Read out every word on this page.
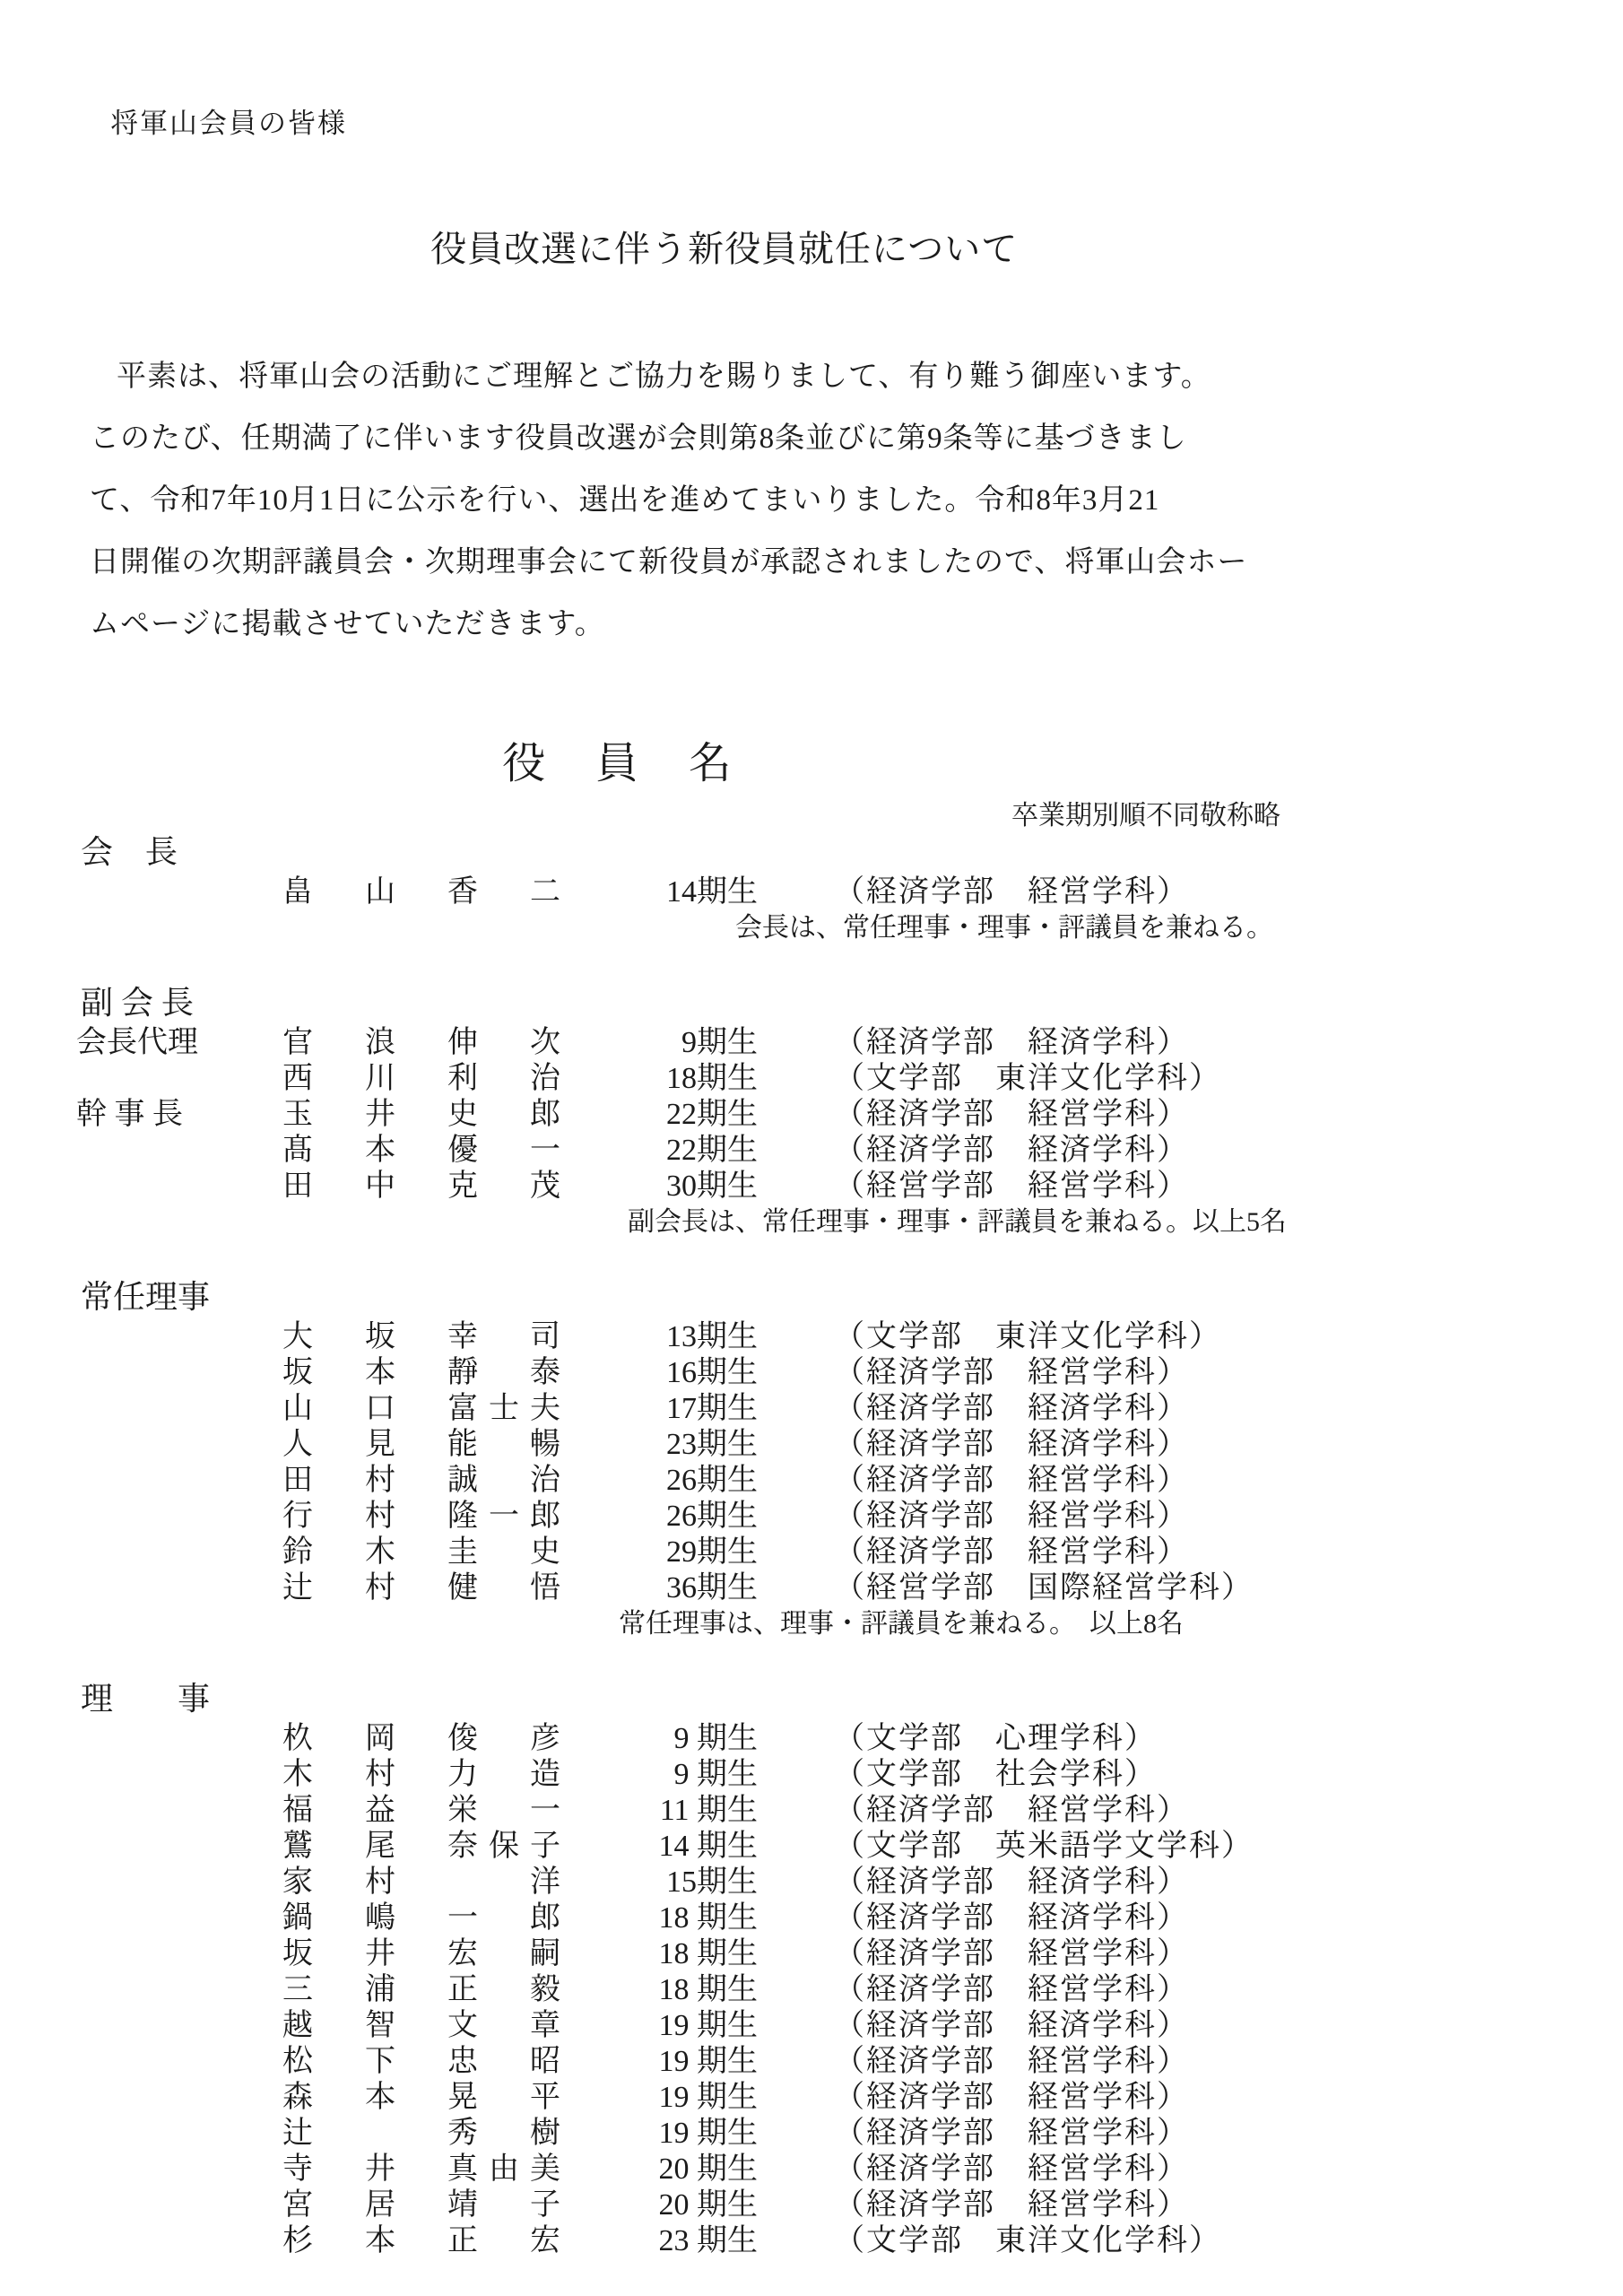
将軍山会員の皆様
役員改選に伴う新役員就任について
平素は、将軍山会の活動にご理解とご協力を賜りまして、有り難う御座います。
このたび、任期満了に伴います役員改選が会則第8条並びに第9条等に基づきまし
て、令和7年10月1日に公示を行い、選出を進めてまいりました。令和8年3月21
日開催の次期評議員会・次期理事会にて新役員が承認されましたので、将軍山会ホー
ムページに掲載させていただきます。
役員名
卒業期別順不同敬称略
会　長
畠　山　香　二	14期生	（経済学部　経営学科）
会長は、常任理事・理事・評議員を兼ねる。
副 会 長
会長代理	官　浪　伸　次	9期生	（経済学部　経済学科）
西　川　利　治	18期生	（文学部　東洋文化学科）
幹 事 長	玉　井　史　郎	22期生	（経済学部　経営学科）
髙　本　優　一	22期生	（経済学部　経済学科）
田　中　克　茂	30期生	（経営学部　経営学科）
副会長は、常任理事・理事・評議員を兼ねる。以上5名
常任理事
大　坂　幸　司	13期生	（文学部　東洋文化学科）
坂　本　靜　泰	16期生	（経済学部　経営学科）
山　口　富士夫	17期生	（経済学部　経済学科）
人　見　能　暢	23期生	（経済学部　経済学科）
田　村　誠　治	26期生	（経済学部　経営学科）
行　村　隆一郎	26期生	（経済学部　経営学科）
鈴　木　圭　史	29期生	（経済学部　経営学科）
辻　村　健　悟	36期生	（経営学部　国際経営学科）
常任理事は、理事・評議員を兼ねる。　以上8名
理　　事
杦　岡　俊　彦	9 期生	（文学部　心理学科）
木　村　力　造	9 期生	（文学部　社会学科）
福　益　栄　一	11 期生	（経済学部　経営学科）
鷲　尾　奈保子	14 期生	（文学部　英米語学文学科）
家　村　　　洋	15期生	（経済学部　経済学科）
鍋　嶋　一　郎	18 期生	（経済学部　経済学科）
坂　井　宏　嗣	18 期生	（経済学部　経営学科）
三　浦　正　毅	18 期生	（経済学部　経営学科）
越　智　文　章	19 期生	（経済学部　経済学科）
松　下　忠　昭	19 期生	（経済学部　経営学科）
森　本　晃　平	19 期生	（経済学部　経営学科）
辻　　　秀　樹	19 期生	（経済学部　経営学科）
寺　井　真由美	20 期生	（経済学部　経営学科）
宮　居　靖　子	20 期生	（経済学部　経営学科）
杉　本　正　宏	23 期生	（文学部　東洋文化学科）
